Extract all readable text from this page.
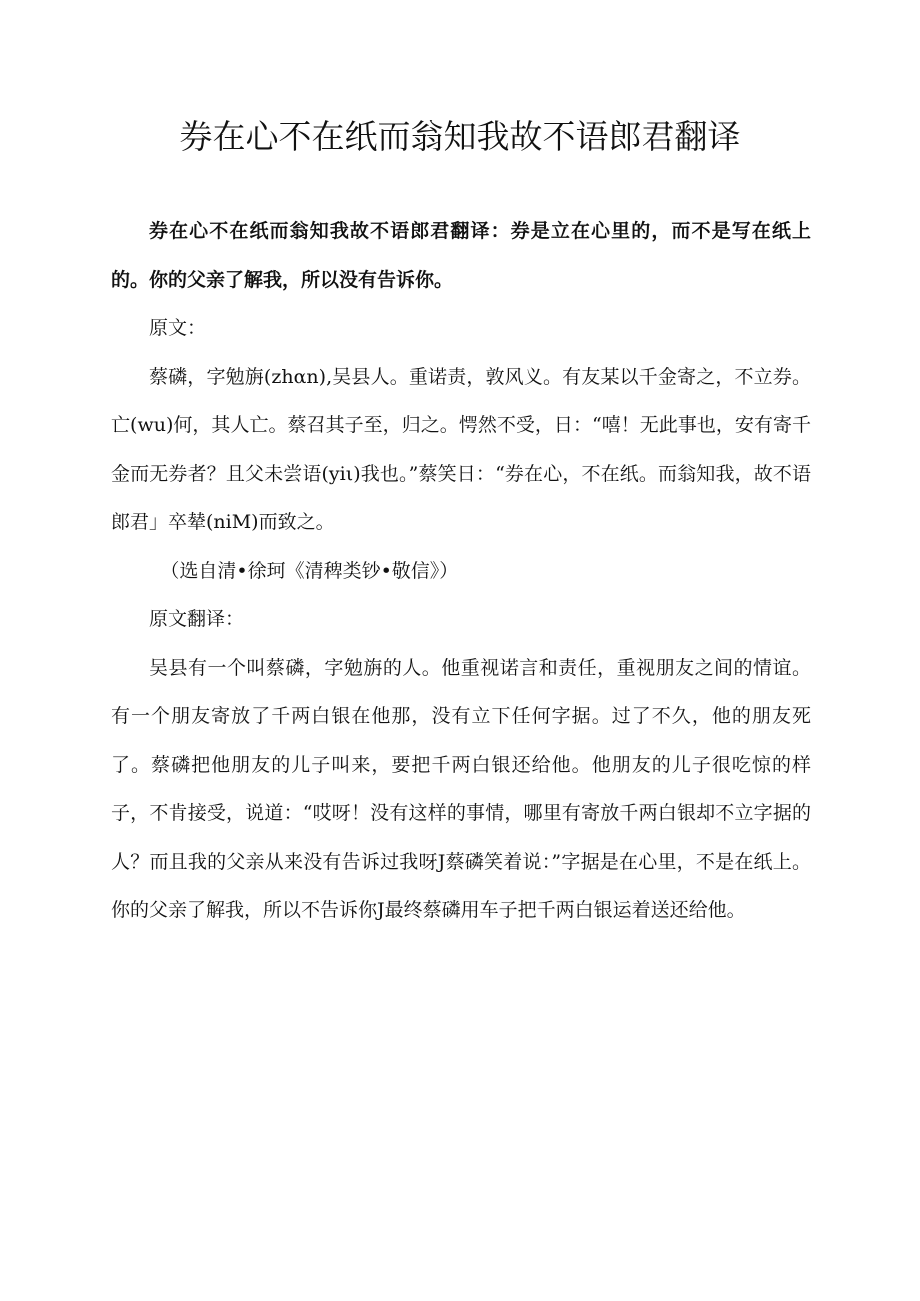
券在心不在纸而翁知我故不语郎君翻译

券在心不在纸而翁知我故不语郎君翻译：券是立在心里的，而不是写在纸上的。你的父亲了解我，所以没有告诉你。

原文：

蔡磷，字勉旃(zhαn),吴县人。重诺责，敦风义。有友某以千金寄之，不立券。亡(wu)何，其人亡。蔡召其子至，归之。愕然不受，日：“嘻！无此事也，安有寄千金而无券者？且父未尝语(yiι)我也。”蔡笑日：“券在心，不在纸。而翁知我，故不语郎君」卒辇(niM)而致之。

（选自清•徐珂《清稗类钞•敬信》）

原文翻译：

吴县有一个叫蔡磷，字勉旃的人。他重视诺言和责任，重视朋友之间的情谊。有一个朋友寄放了千两白银在他那，没有立下任何字据。过了不久，他的朋友死了。蔡磷把他朋友的儿子叫来，要把千两白银还给他。他朋友的儿子很吃惊的样子，不肯接受，说道：“哎呀！没有这样的事情，哪里有寄放千两白银却不立字据的人？而且我的父亲从来没有告诉过我呀J蔡磷笑着说：”字据是在心里，不是在纸上。你的父亲了解我，所以不告诉你J最终蔡磷用车子把千两白银运着送还给他。
